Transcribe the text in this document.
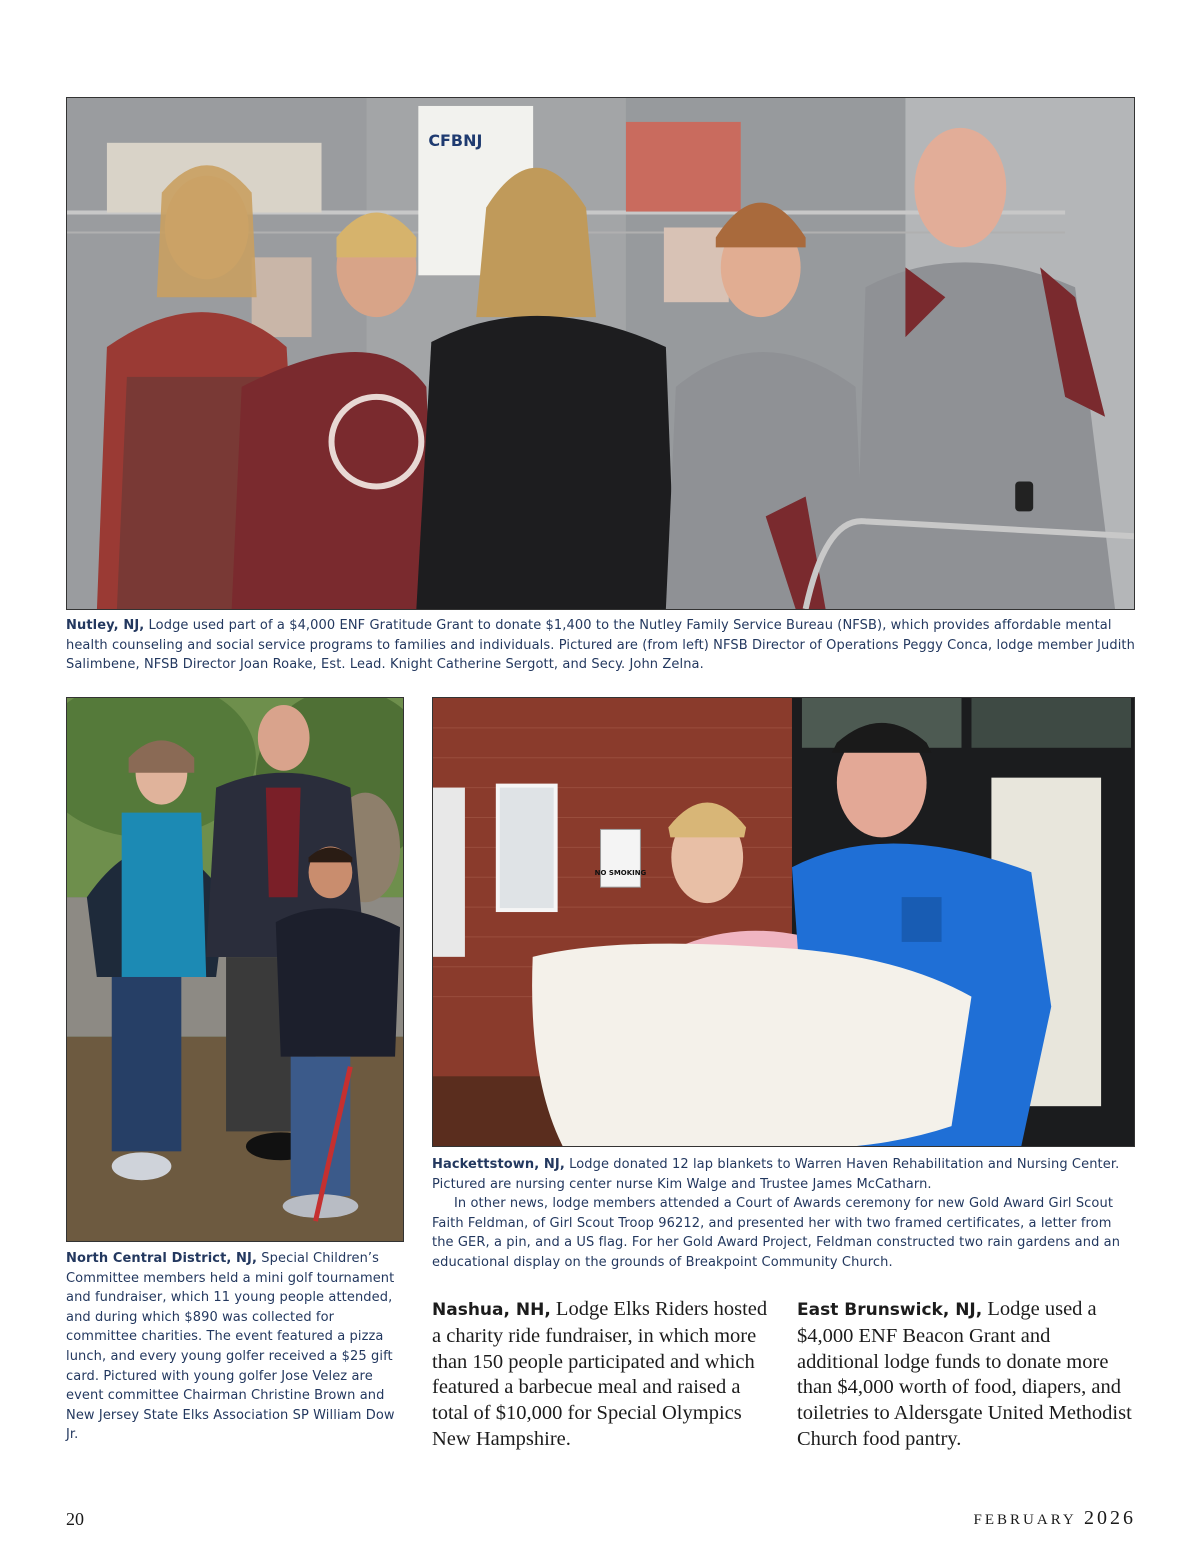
CFBNJ

Nutley, NJ, Lodge used part of a $4,000 ENF Gratitude Grant to donate $1,400 to the Nutley Family Service Bureau (NFSB), which provides affordable mental health counseling and social service programs to families and individuals. Pictured are (from left) NFSB Director of Operations Peggy Conca, lodge member Judith Salimbene, NFSB Director Joan Roake, Est. Lead. Knight Catherine Sergott, and Secy. John Zelna.

North Central District, NJ, Special Children’s Committee members held a mini golf tournament and fundraiser, which 11 young people attended, and during which $890 was collected for committee charities. The event featured a pizza lunch, and every young golfer received a $25 gift card. Pictured with young golfer Jose Velez are event committee Chairman Christine Brown and New Jersey State Elks Association SP William Dow Jr.

NO SMOKING

Hackettstown, NJ, Lodge donated 12 lap blankets to Warren Haven Rehabilitation and Nursing Center. Pictured are nursing center nurse Kim Walge and Trustee James McCatharn.

In other news, lodge members attended a Court of Awards ceremony for new Gold Award Girl Scout Faith Feldman, of Girl Scout Troop 96212, and presented her with two framed certificates, a letter from the GER, a pin, and a US flag. For her Gold Award Project, Feldman constructed two rain gardens and an educational display on the grounds of Breakpoint Community Church.

Nashua, NH, Lodge Elks Riders hosted a charity ride fundraiser, in which more than 150 people participated and which featured a barbecue meal and raised a total of $10,000 for Special Olympics New Hampshire.
East Brunswick, NJ, Lodge used a $4,000 ENF Beacon Grant and additional lodge funds to donate more than $4,000 worth of food, diapers, and toiletries to Aldersgate United Methodist Church food pantry.
20	FEBRUARY 2026
